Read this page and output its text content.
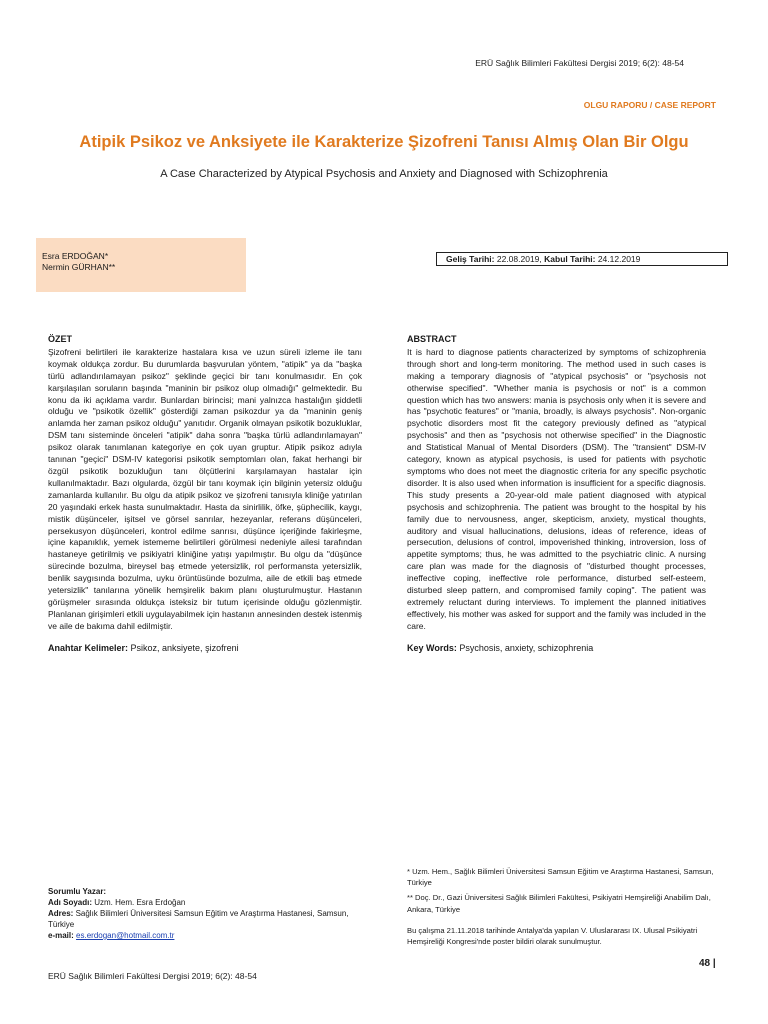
ERÜ Sağlık Bilimleri Fakültesi Dergisi 2019; 6(2): 48-54
OLGU RAPORU / CASE REPORT
Atipik Psikoz ve Anksiyete ile Karakterize Şizofreni Tanısı Almış Olan Bir Olgu
A Case Characterized by Atypical Psychosis and Anxiety and Diagnosed with Schizophrenia
Esra ERDOĞAN*
Nermin GÜRHAN**
Geliş Tarihi: 22.08.2019, Kabul Tarihi: 24.12.2019
ÖZET
Şizofreni belirtileri ile karakterize hastalara kısa ve uzun süreli izleme ile tanı koymak oldukça zordur. Bu durumlarda başvurulan yöntem, "atipik" ya da "başka türlü adlandırılamayan psikoz" şeklinde geçici bir tanı konulmasıdır. En çok karşılaşılan soruların başında "maninin bir psikoz olup olmadığı" gelmektedir. Bu konu da iki açıklama vardır. Bunlardan birincisi; mani yalnızca hastalığın şiddetli olduğu ve "psikotik özellik" gösterdiği zaman psikozdur ya da "maninin geniş anlamda her zaman psikoz olduğu" yanıtıdır. Organik olmayan psikotik bozukluklar, DSM tanı sisteminde önceleri "atipik" daha sonra "başka türlü adlandırılamayan" psikoz olarak tanımlanan kategoriye en çok uyan gruptur. Atipik psikoz adıyla tanınan "geçici" DSM-IV kategorisi psikotik semptomları olan, fakat herhangi bir özgül psikotik bozukluğun tanı ölçütlerini karşılamayan hastalar için kullanılmaktadır. Bazı olgularda, özgül bir tanı koymak için bilginin yetersiz olduğu zamanlarda kullanılır. Bu olgu da atipik psikoz ve şizofreni tanısıyla kliniğe yatırılan 20 yaşındaki erkek hasta sunulmaktadır. Hasta da sinirlilik, öfke, şüphecilik, kaygı, mistik düşünceler, işitsel ve görsel sanrılar, hezeyanlar, referans düşünceleri, persekusyon düşünceleri, kontrol edilme sanrısı, düşünce içeriğinde fakirleşme, içine kapanıklık, yemek istememe belirtileri görülmesi nedeniyle ailesi tarafından hastaneye getirilmiş ve psikiyatri kliniğine yatışı yapılmıştır. Bu olgu da "düşünce sürecinde bozulma, bireysel baş etmede yetersizlik, rol performansta yetersizlik, benlik saygısında bozulma, uyku örüntüsünde bozulma, aile de etkili baş etmede yetersizlik" tanılarına yönelik hemşirelik bakım planı oluşturulmuştur. Hastanın görüşmeler sırasında oldukça isteksiz bir tutum içerisinde olduğu gözlenmiştir. Planlanan girişimleri etkili uygulayabilmek için hastanın annesinden destek istenmiş ve aile de bakıma dahil edilmiştir.
Anahtar Kelimeler: Psikoz, anksiyete, şizofreni
ABSTRACT
It is hard to diagnose patients characterized by symptoms of schizophrenia through short and long-term monitoring. The method used in such cases is making a temporary diagnosis of "atypical psychosis" or "psychosis not otherwise specified". "Whether mania is psychosis or not" is a common question which has two answers: mania is psychosis only when it is severe and has "psychotic features" or "mania, broadly, is always psychosis". Non-organic psychotic disorders most fit the category previously defined as "atypical psychosis" and then as "psychosis not otherwise specified" in the Diagnostic and Statistical Manual of Mental Disorders (DSM). The "transient" DSM-IV category, known as atypical psychosis, is used for patients with psychotic symptoms who does not meet the diagnostic criteria for any specific psychotic disorder. It is also used when information is insufficient for a specific diagnosis. This study presents a 20-year-old male patient diagnosed with atypical psychosis and schizophrenia. The patient was brought to the hospital by his family due to nervousness, anger, skepticism, anxiety, mystical thoughts, auditory and visual hallucinations, delusions, ideas of reference, ideas of persecution, delusions of control, impoverished thinking, introversion, loss of appetite symptoms; thus, he was admitted to the psychiatric clinic. A nursing care plan was made for the diagnosis of "disturbed thought processes, ineffective coping, ineffective role performance, disturbed self-esteem, disturbed sleep pattern, and compromised family coping". The patient was extremely reluctant during interviews. To implement the planned initiatives effectively, his mother was asked for support and the family was included in the care.
Key Words: Psychosis, anxiety, schizophrenia
Sorumlu Yazar:
Adı Soyadı: Uzm. Hem. Esra Erdoğan
Adres: Sağlık Bilimleri Üniversitesi Samsun Eğitim ve Araştırma Hastanesi, Samsun, Türkiye
e-mail: es.erdogan@hotmail.com.tr
* Uzm. Hem., Sağlık Bilimleri Üniversitesi Samsun Eğitim ve Araştırma Hastanesi, Samsun, Türkiye
** Doç. Dr., Gazi Üniversitesi Sağlık Bilimleri Fakültesi, Psikiyatri Hemşireliği Anabilim Dalı, Ankara, Türkiye
Bu çalışma 21.11.2018 tarihinde Antalya'da yapılan V. Uluslararası IX. Ulusal Psikiyatri Hemşireliği Kongresi'nde poster bildiri olarak sunulmuştur.
48 |
ERÜ Sağlık Bilimleri Fakültesi Dergisi 2019; 6(2): 48-54
